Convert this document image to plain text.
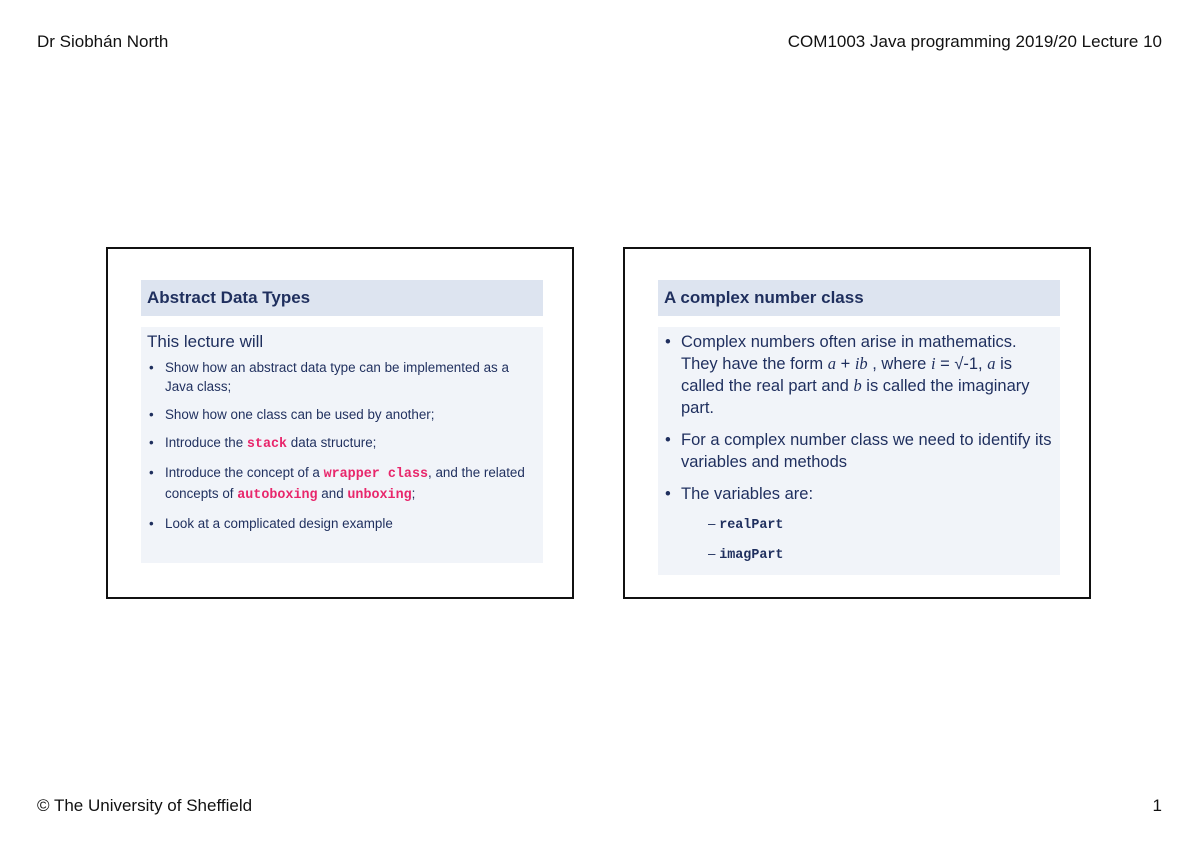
Dr Siobhán North	COM1003 Java programming 2019/20 Lecture 10
Abstract Data Types
This lecture will
• Show how an abstract data type can be implemented as a Java class;
• Show how one class can be used by another;
• Introduce the stack data structure;
• Introduce the concept of a wrapper class, and the related concepts of autoboxing and unboxing;
• Look at a complicated design example
A complex number class
• Complex numbers often arise in mathematics. They have the form a + ib , where i = √-1, a is called the real part and b is called the imaginary part.
• For a complex number class we need to identify its variables and methods
• The variables are:
– realPart
– imagPart
© The University of Sheffield	1
